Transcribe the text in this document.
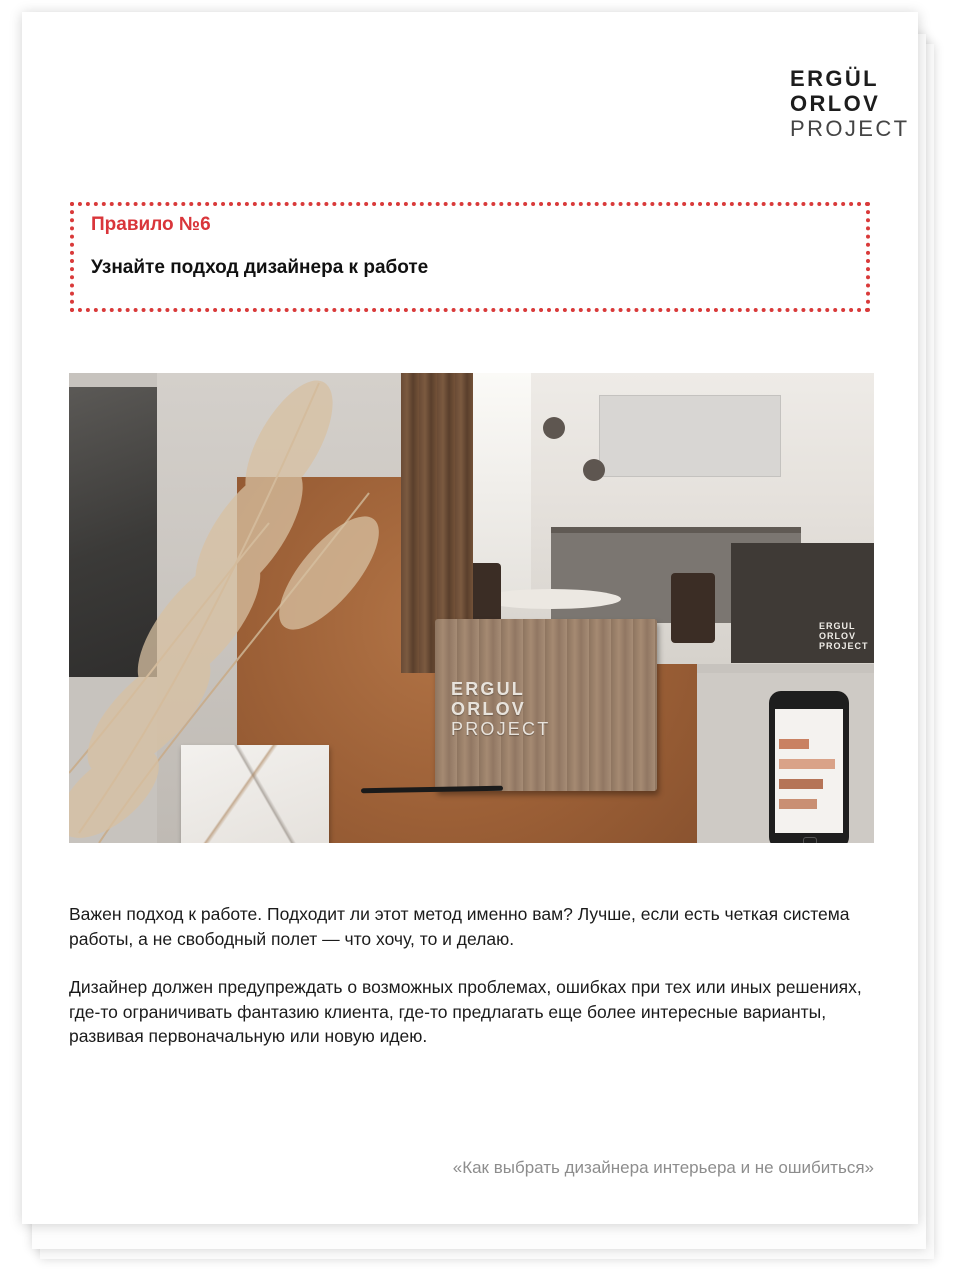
ERGÜL
ORLOV
PROJECT
Правило №6
Узнайте подход дизайнера к работе
ERGUL
ORLOV
PROJECT
ERGUL
ORLOV
PROJECT

Важен подход к работе. Подходит ли этот метод именно вам? Лучше, если есть четкая система работы, а не свободный полет — что хочу, то и делаю.

Дизайнер должен предупреждать о возможных проблемах, ошибках при тех или иных решениях, где-то ограничивать фантазию клиента, где-то предлагать еще более интересные варианты, развивая первоначальную или новую идею.

«Как выбрать дизайнера интерьера и не ошибиться»
